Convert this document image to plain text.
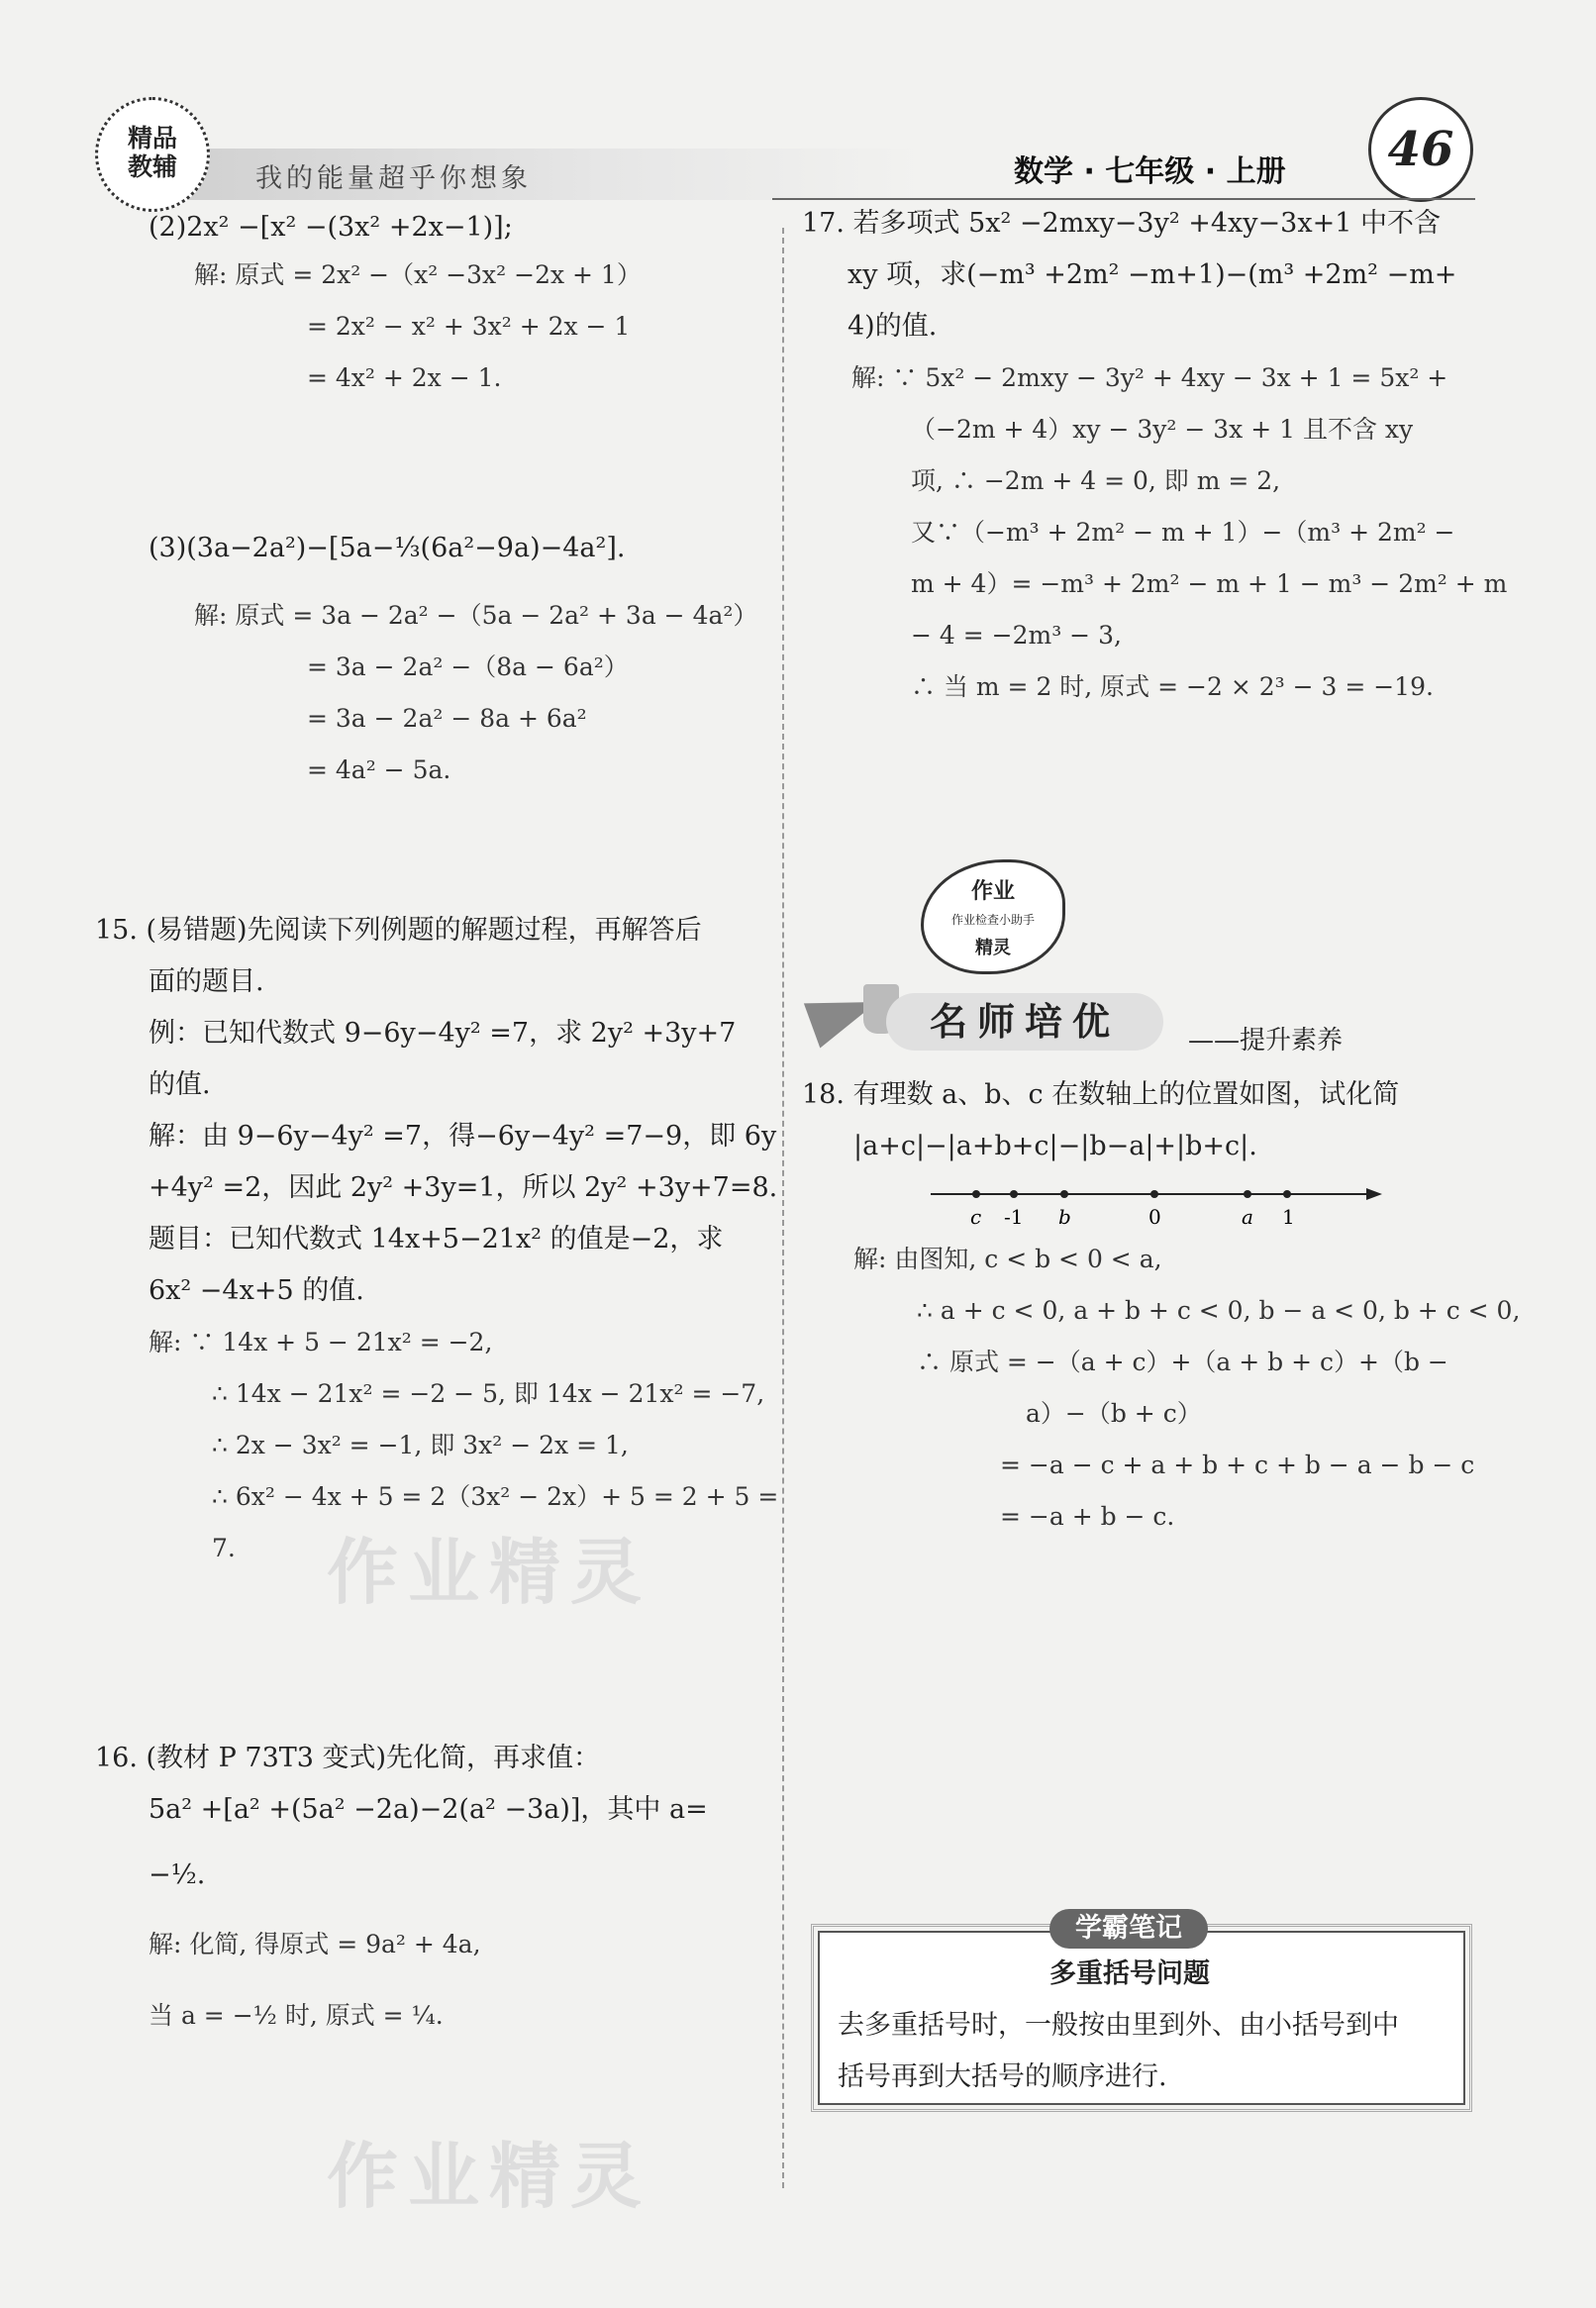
精品
教辅	我的能量超乎你想象	数学 · 七年级 · 上册	46
(2)2x² −[x² −(3x² +2x−1)];
解: 原式 = 2x² −（x² −3x² −2x + 1）
= 2x² − x² + 3x² + 2x − 1
= 4x² + 2x − 1.
(3)(3a−2a²)−[5a−⅓(6a²−9a)−4a²].
解: 原式 = 3a − 2a² −（5a − 2a² + 3a − 4a²）
= 3a − 2a² −（8a − 6a²）
= 3a − 2a² − 8a + 6a²
= 4a² − 5a.
15. (易错题)先阅读下列例题的解题过程，再解答后
面的题目.
例：已知代数式 9−6y−4y² =7，求 2y² +3y+7
的值.
解：由 9−6y−4y² =7，得−6y−4y² =7−9，即 6y
+4y² =2，因此 2y² +3y=1，所以 2y² +3y+7=8.
题目：已知代数式 14x+5−21x² 的值是−2，求
6x² −4x+5 的值.
解: ∵ 14x + 5 − 21x² = −2,
∴ 14x − 21x² = −2 − 5, 即 14x − 21x² = −7,
∴ 2x − 3x² = −1, 即 3x² − 2x = 1,
∴ 6x² − 4x + 5 = 2（3x² − 2x）+ 5 = 2 + 5 =
7. 作业精灵
16. (教材 P 73T3 变式)先化简，再求值：
5a² +[a² +(5a² −2a)−2(a² −3a)]，其中 a=
−½.
解: 化简, 得原式 = 9a² + 4a,
当 a = −½ 时, 原式 = ¼.
作业精灵
17. 若多项式 5x² −2mxy−3y² +4xy−3x+1 中不含
xy 项，求(−m³ +2m² −m+1)−(m³ +2m² −m+
4)的值.
解: ∵ 5x² − 2mxy − 3y² + 4xy − 3x + 1 = 5x² +
（−2m + 4）xy − 3y² − 3x + 1 且不含 xy
项, ∴ −2m + 4 = 0, 即 m = 2,
又∵（−m³ + 2m² − m + 1）−（m³ + 2m² −
m + 4）= −m³ + 2m² − m + 1 − m³ − 2m² + m
− 4 = −2m³ − 3,
∴ 当 m = 2 时, 原式 = −2 × 2³ − 3 = −19.
作业
作业检查小助手
精灵
名师培优	——提升素养
18. 有理数 a、b、c 在数轴上的位置如图，试化简
|a+c|−|a+b+c|−|b−a|+|b+c|.
c -1 b	0	a 1
解: 由图知, c < b < 0 < a,
∴ a + c < 0, a + b + c < 0, b − a < 0, b + c < 0,
∴ 原式 = −（a + c）+（a + b + c）+（b −
a）−（b + c）
= −a − c + a + b + c + b − a − b − c
= −a + b − c.
学霸笔记
多重括号问题
去多重括号时，一般按由里到外、由小括号到中
括号再到大括号的顺序进行.
